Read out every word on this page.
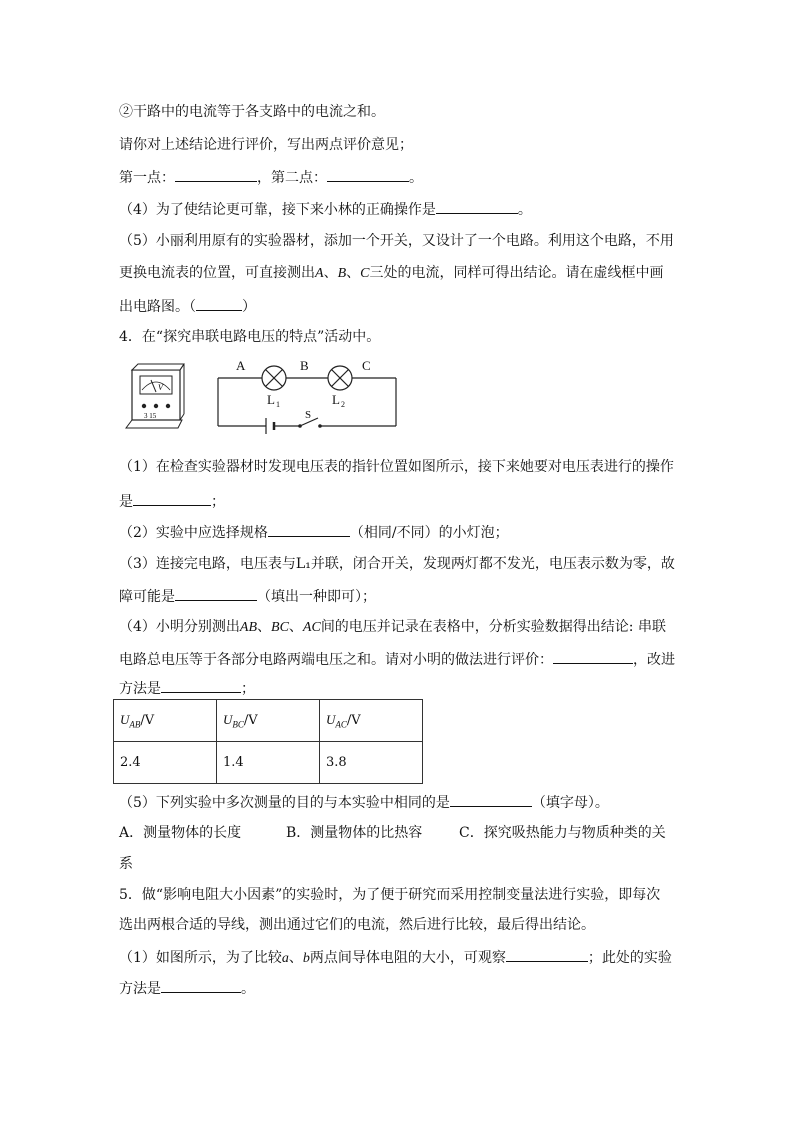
②干路中的电流等于各支路中的电流之和。
请你对上述结论进行评价，写出两点评价意见；
第一点：	，第二点：	。
（4）为了使结论更可靠，接下来小林的正确操作是	。
（5）小丽利用原有的实验器材，添加一个开关，又设计了一个电路。利用这个电路，不用
更换电流表的位置，可直接测出A、B、C三处的电流，同样可得出结论。请在虚线框中画
出电路图。（	）
4．在“探究串联电路电压的特点”活动中。
V
3 15
A	B	C
L 1	L 2
S
（1）在检查实验器材时发现电压表的指针位置如图所示，接下来她要对电压表进行的操作
是	；
（2）实验中应选择规格	（相同/不同）的小灯泡；
（3）连接完电路，电压表与L₁并联，闭合开关，发现两灯都不发光，电压表示数为零，故
障可能是	（填出一种即可）；
（4）小明分别测出AB、BC、AC间的电压并记录在表格中，分析实验数据得出结论: 串联
电路总电压等于各部分电路两端电压之和。请对小明的做法进行评价：	，改进
方法是	；
$U_{AB}/V$	$U_{BC}/V$	$U_{AC}/V$
2.4	1.4	3.8
（5）下列实验中多次测量的目的与本实验中相同的是	（填字母）。
A．测量物体的长度	B．测量物体的比热容	C．探究吸热能力与物质种类的关
系
5．做“影响电阻大小因素”的实验时，为了便于研究而采用控制变量法进行实验，即每次
选出两根合适的导线，测出通过它们的电流，然后进行比较，最后得出结论。
（1）如图所示，为了比较a、b两点间导体电阻的大小，可观察	；此处的实验
方法是	。
